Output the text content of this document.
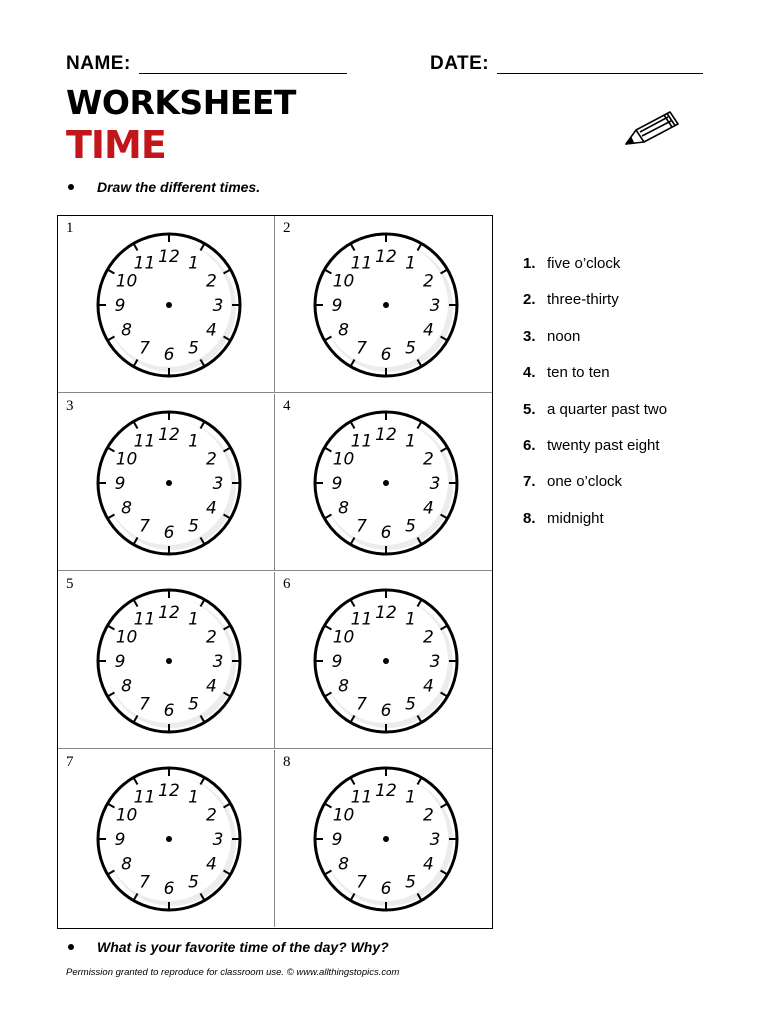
NAME:	DATE:
WORKSHEET
TIME
Draw the different times.
1
12 1
2
3
4
5
6
7
8
9
10
11
2
12 1
2
3
4
5
6
7
8
9
10
11
3
12 1
2
3
4
5
6
7
8
9
10
11
4
12 1
2
3
4
5
6
7
8
9
10
11
5
12 1
2
3
4
5
6
7
8
9
10
11
6
12 1
2
3
4
5
6
7
8
9
10
11
7
12 1
2
3
4
5
6
7
8
9
10
11
8
12 1
2
3
4
5
6
7
8
9
10
11
1. five o’clock
2. three-thirty
3. noon
4. ten to ten
5. a quarter past two
6. twenty past eight
7. one o’clock
8. midnight
What is your favorite time of the day? Why?
Permission granted to reproduce for classroom use. © www.allthingstopics.com
